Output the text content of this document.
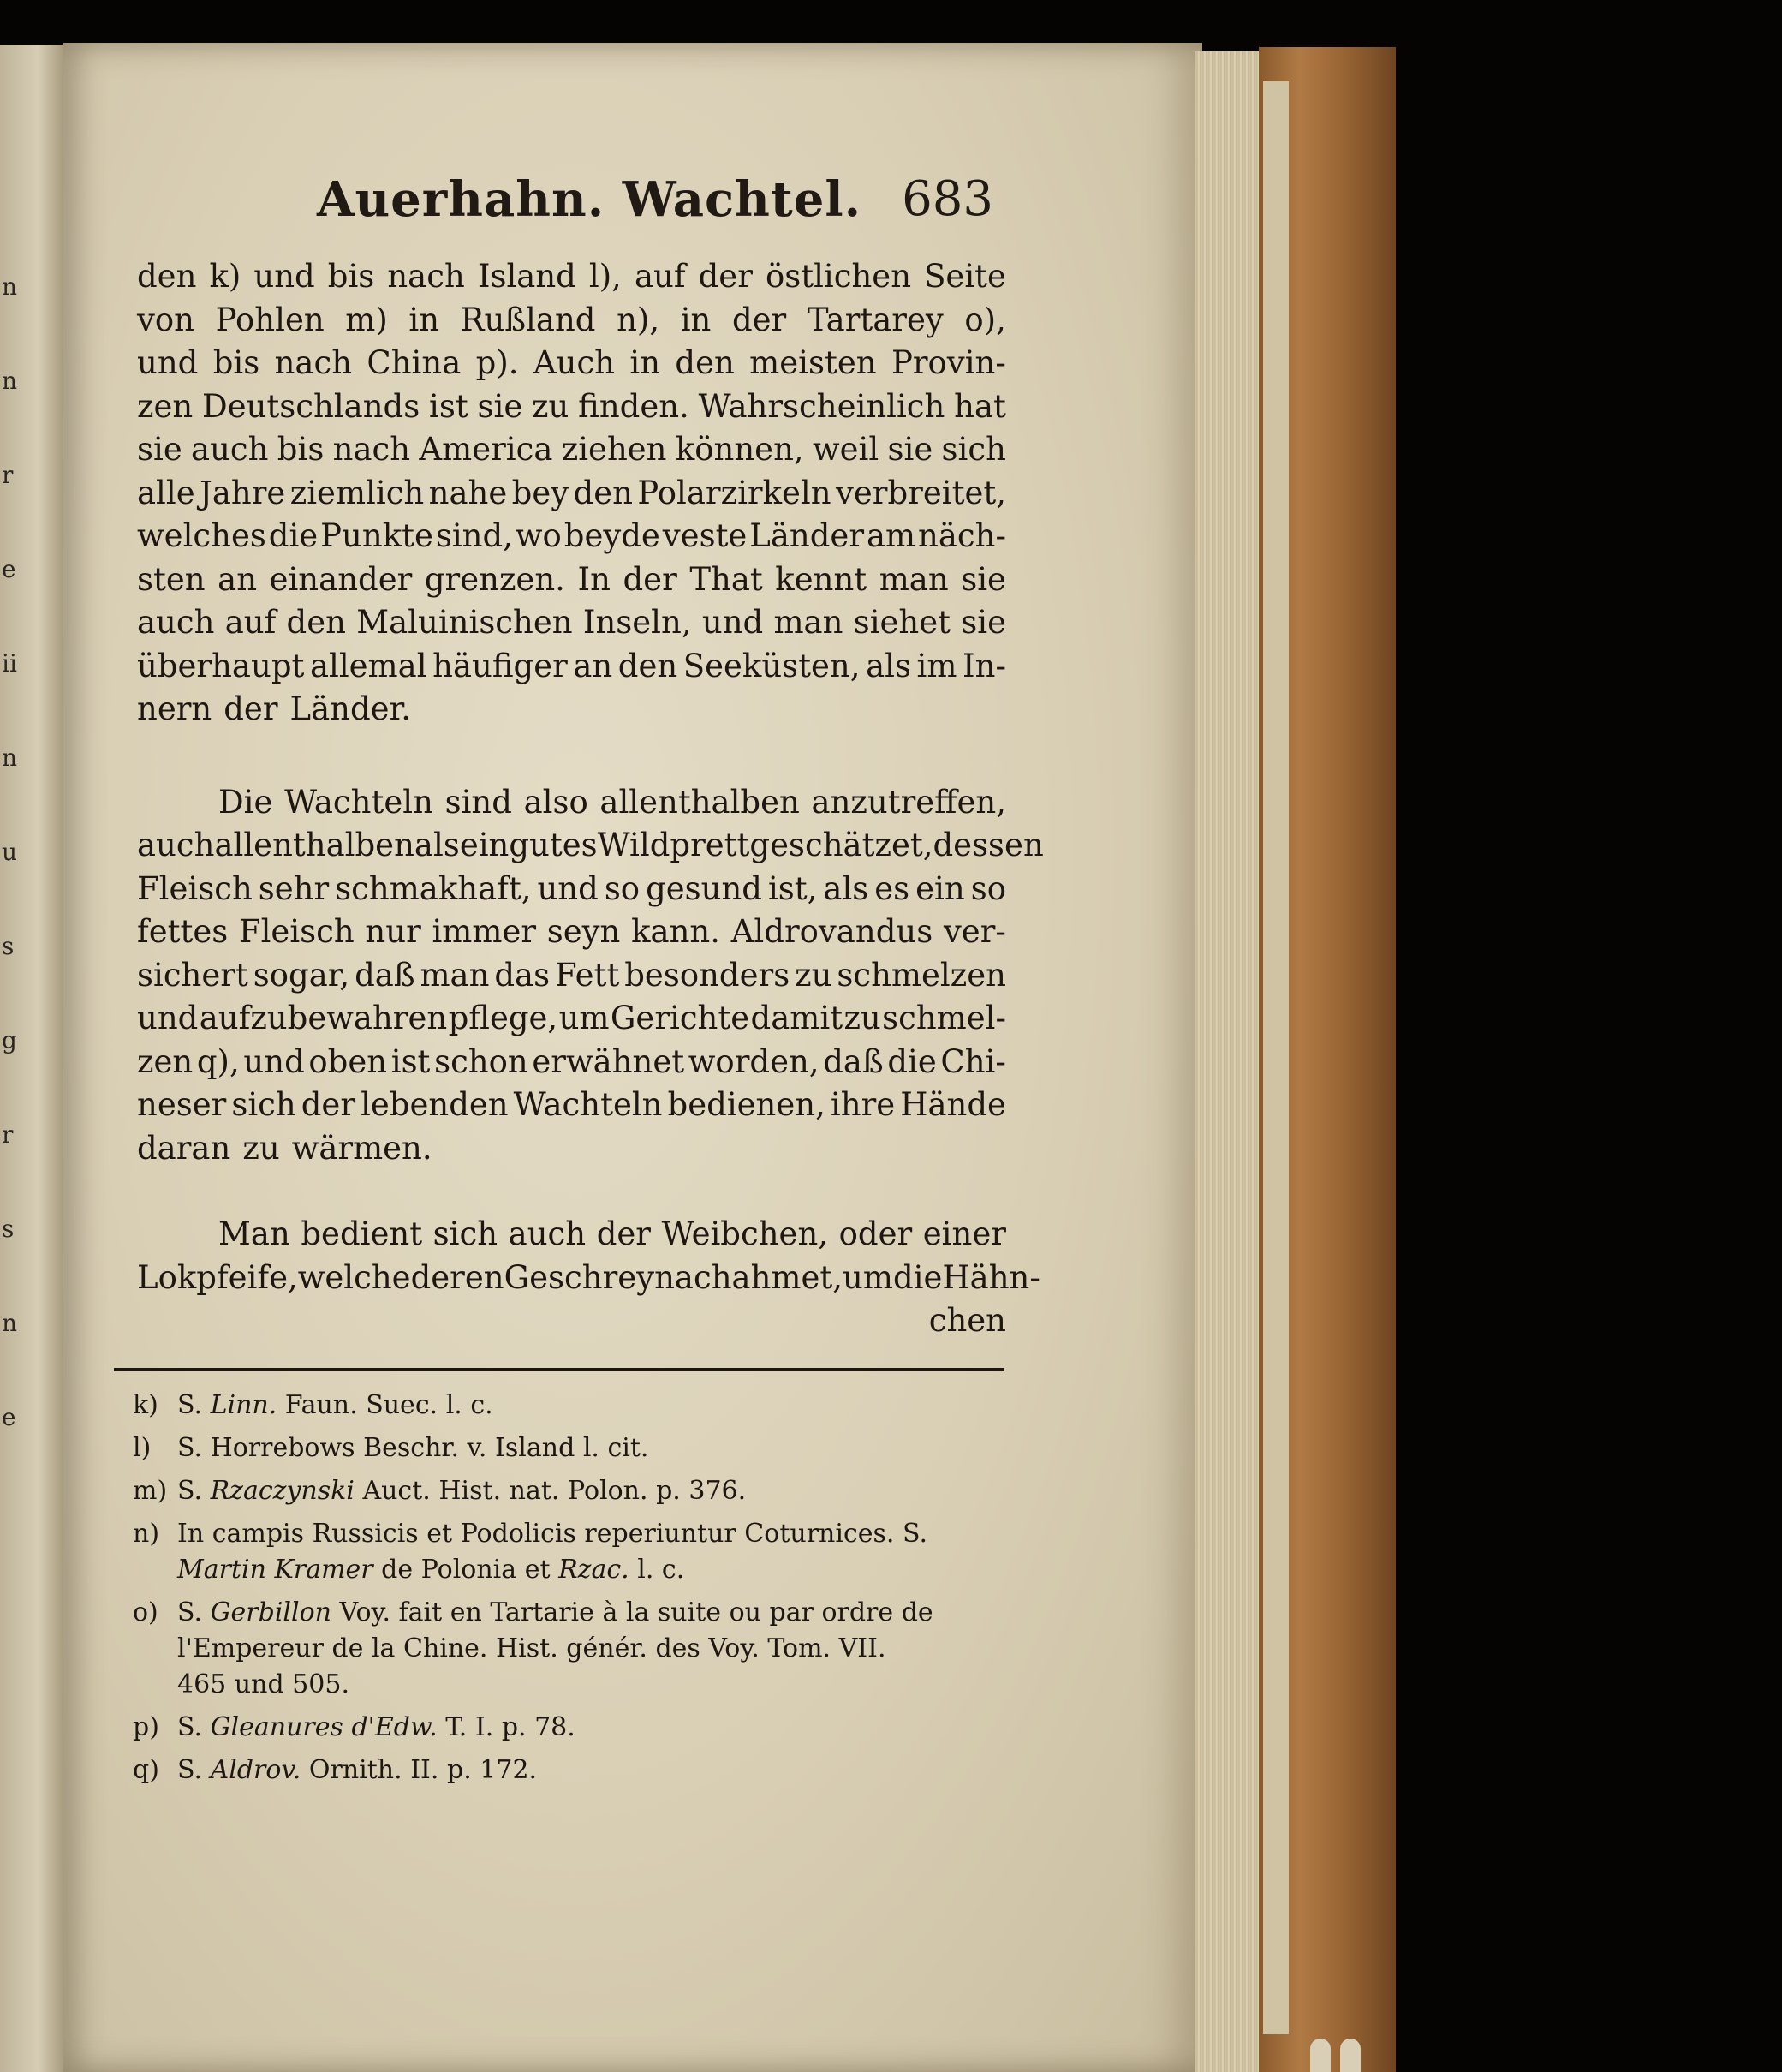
n
n
r
e
ii
n
u
s
g
r
s
n
e
Auerhahn. Wachtel. 683
den k) und bis nach Island l), auf der östlichen Seite
von Pohlen m) in Rußland n), in der Tartarey o),
und bis nach China p). Auch in den meisten Provin-
zen Deutschlands ist sie zu finden. Wahrscheinlich hat
sie auch bis nach America ziehen können, weil sie sich
alle Jahre ziemlich nahe bey den Polarzirkeln verbreitet,
welches die Punkte sind, wo beyde veste Länder am näch-
sten an einander grenzen. In der That kennt man sie
auch auf den Maluinischen Inseln, und man siehet sie
überhaupt allemal häufiger an den Seeküsten, als im In-
nern der Länder.
Die Wachteln sind also allenthalben anzutreffen,
auch allenthalben als ein gutes Wildprett geschätzet, dessen
Fleisch sehr schmakhaft, und so gesund ist, als es ein so
fettes Fleisch nur immer seyn kann. Aldrovandus ver-
sichert sogar, daß man das Fett besonders zu schmelzen
und aufzubewahren pflege, um Gerichte damit zu schmel-
zen q), und oben ist schon erwähnet worden, daß die Chi-
neser sich der lebenden Wachteln bedienen, ihre Hände
daran zu wärmen.
Man bedient sich auch der Weibchen, oder einer
Lokpfeife, welche deren Geschrey nachahmet, um die Hähn-
chen
k) S. Linn. Faun. Suec. l. c.
l) S. Horrebows Beschr. v. Island l. cit.
m) S. Rzaczynski Auct. Hist. nat. Polon. p. 376.
n) In campis Russicis et Podolicis reperiuntur Coturnices. S.
Martin Kramer de Polonia et Rzac. l. c.
o) S. Gerbillon Voy. fait en Tartarie à la suite ou par ordre de
l'Empereur de la Chine. Hist. génér. des Voy. Tom. VII.
465 und 505.
p) S. Gleanures d'Edw. T. I. p. 78.
q) S. Aldrov. Ornith. II. p. 172.
